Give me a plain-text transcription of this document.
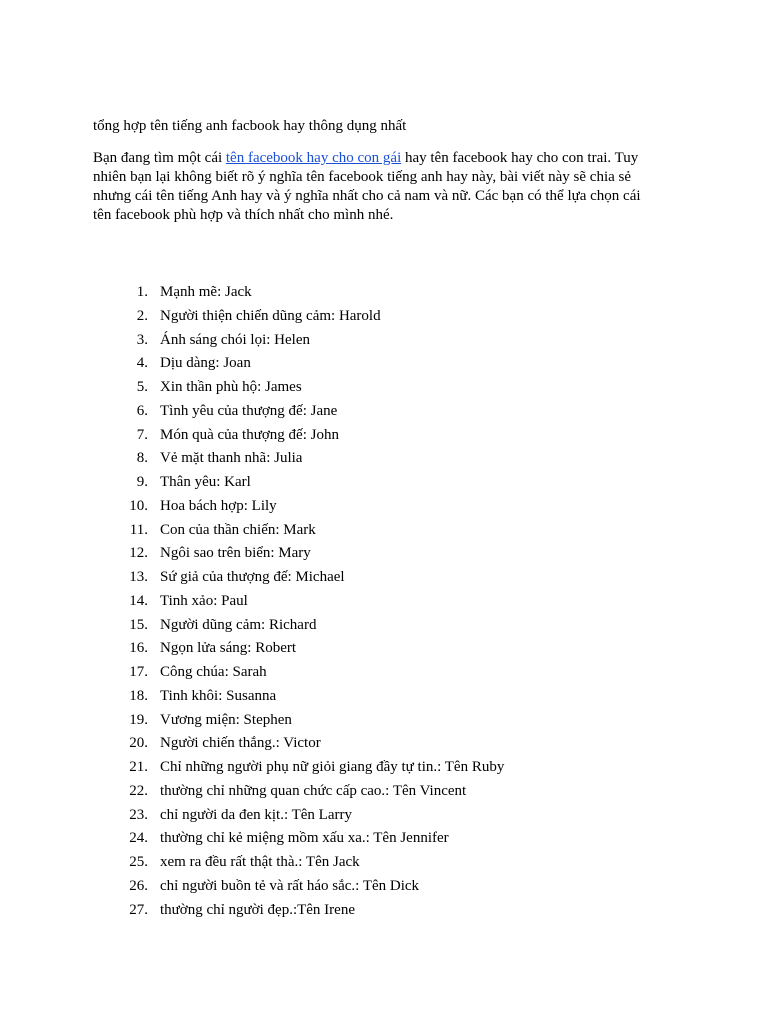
tổng hợp tên tiếng anh facbook hay thông dụng nhất
Bạn đang tìm một cái tên facebook hay cho con gái hay tên facebook hay cho con trai. Tuy
nhiên bạn lại không biết rõ ý nghĩa tên facebook tiếng anh hay này, bài viết này sẽ chia sẻ
nhưng cái tên tiếng Anh hay và ý nghĩa nhất cho cả nam và nữ. Các bạn có thể lựa chọn cái
tên facebook phù hợp và thích nhất cho mình nhé.
1. Mạnh mẽ: Jack
2. Người thiện chiến dũng cảm: Harold
3. Ánh sáng chói lọi: Helen
4. Dịu dàng: Joan
5. Xin thần phù hộ: James
6. Tình yêu của thượng đế: Jane
7. Món quà của thượng đế: John
8. Vẻ mặt thanh nhã: Julia
9. Thân yêu: Karl
10. Hoa bách hợp: Lily
11. Con của thần chiến: Mark
12. Ngôi sao trên biển: Mary
13. Sứ giả của thượng đế: Michael
14. Tinh xảo: Paul
15. Người dũng cảm: Richard
16. Ngọn lửa sáng: Robert
17. Công chúa: Sarah
18. Tinh khôi: Susanna
19. Vương miện: Stephen
20. Người chiến thắng.: Victor
21. Chỉ những người phụ nữ giỏi giang đầy tự tin.: Tên Ruby
22. thường chỉ những quan chức cấp cao.: Tên Vincent
23. chỉ người da đen kịt.: Tên Larry
24. thường chỉ kẻ miệng mồm xấu xa.: Tên Jennifer
25. xem ra đều rất thật thà.: Tên Jack
26. chỉ người buồn tẻ và rất háo sắc.: Tên Dick
27. thường chỉ người đẹp.:Tên Irene
